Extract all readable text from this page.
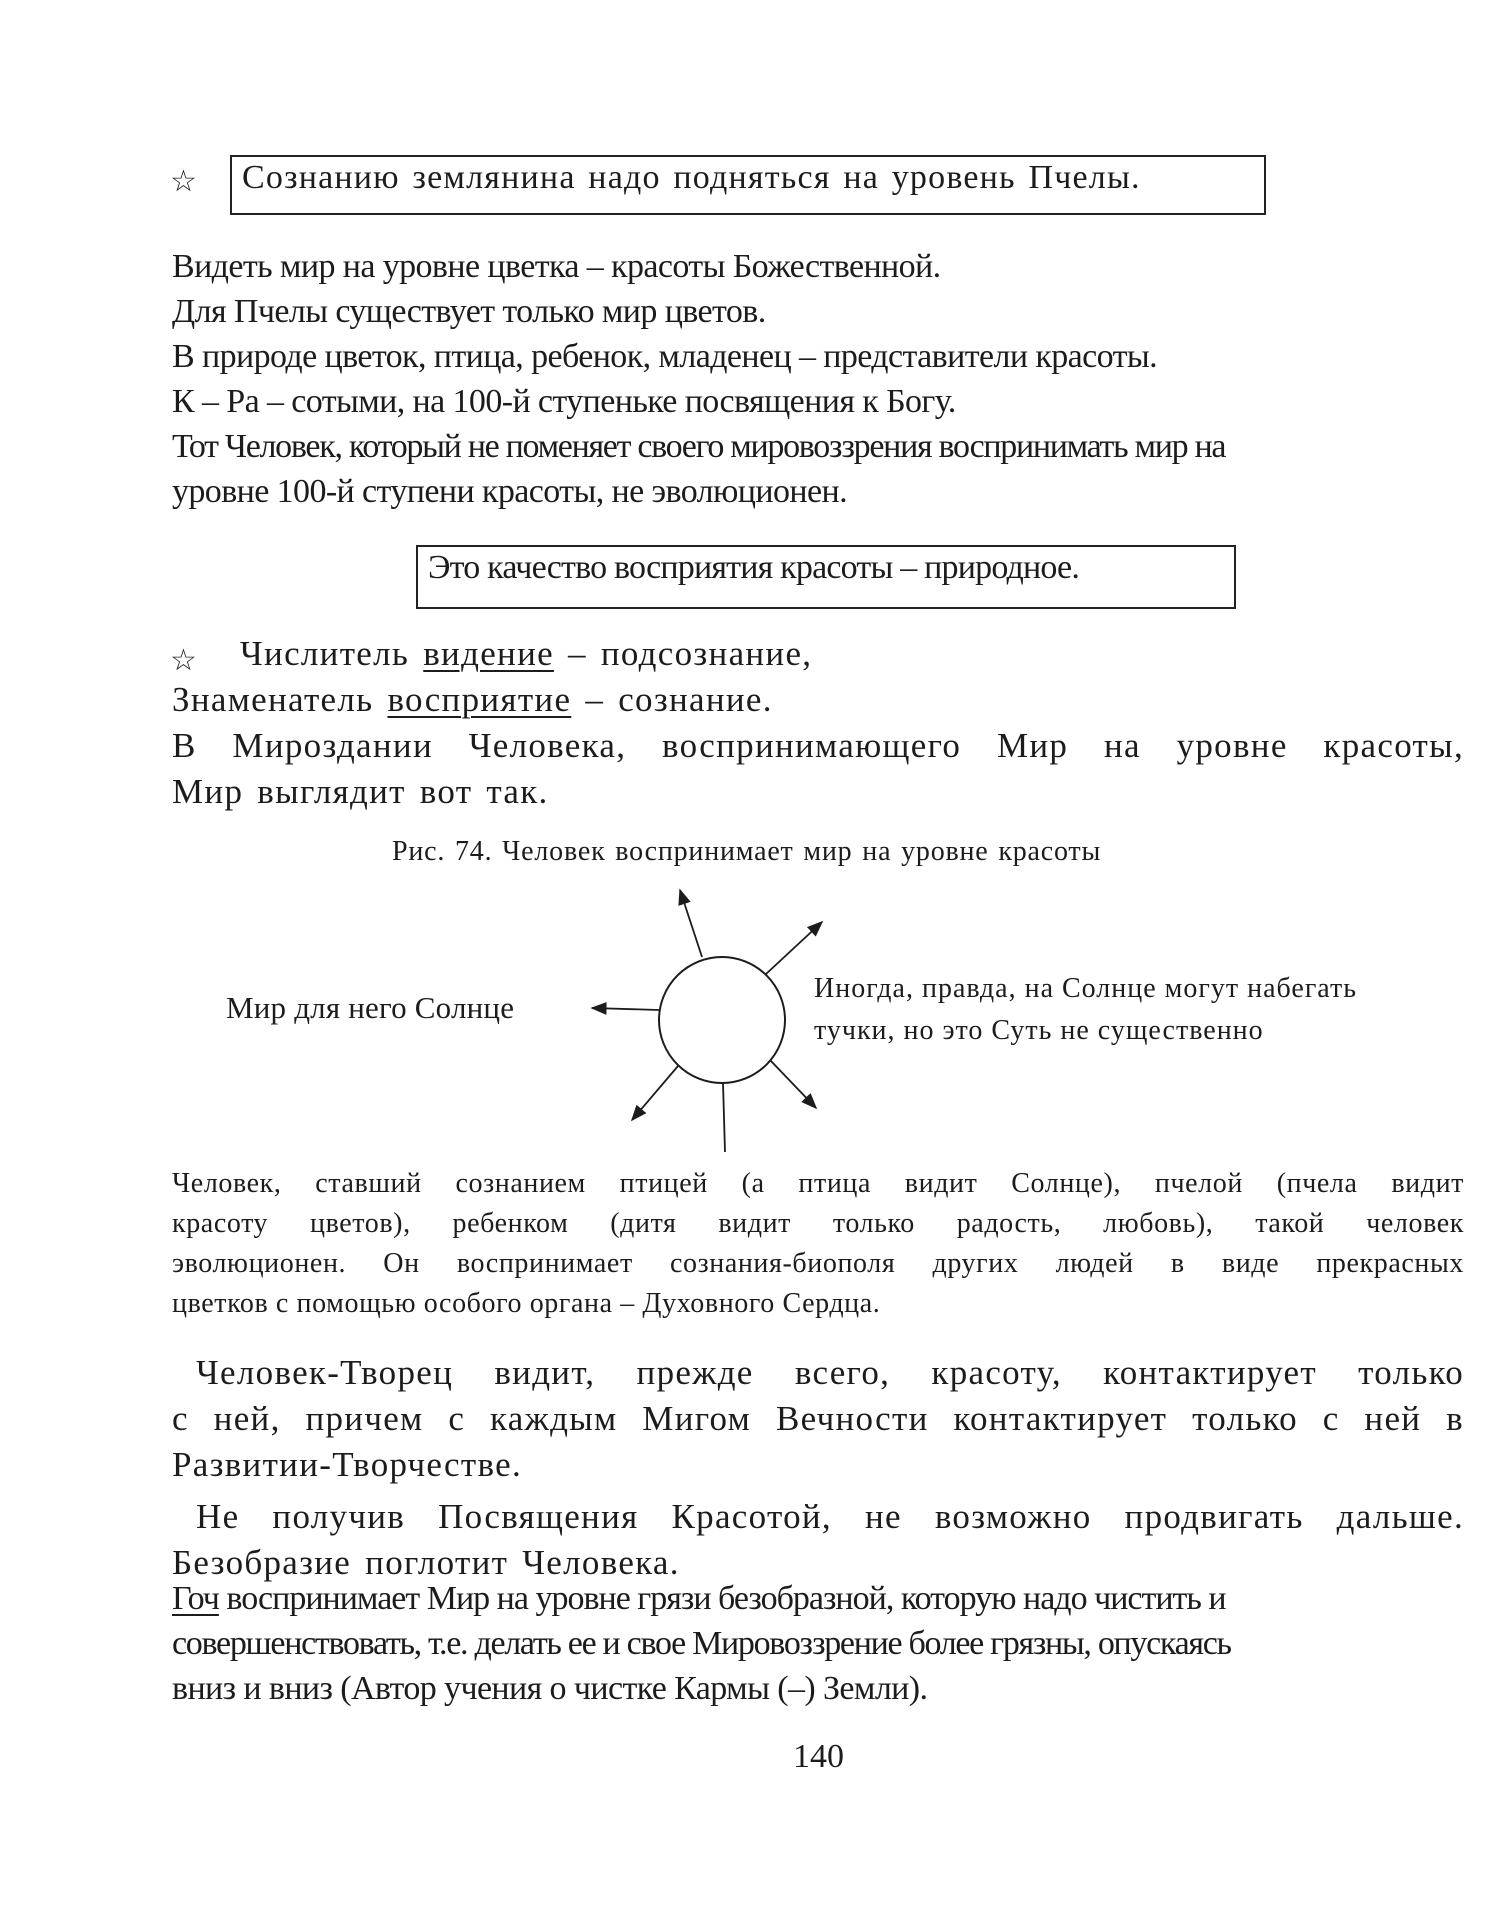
☆	Сознанию землянина надо подняться на уровень Пчелы.
Видеть мир на уровне цветка – красоты Божественной.
Для Пчелы существует только мир цветов.
В природе цветок, птица, ребенок, младенец – представители красоты.
К – Ра – сотыми, на 100-й ступеньке посвящения к Богу.
Тот Человек, который не поменяет своего мировоззрения воспринимать мир на
уровне 100-й ступени красоты, не эволюционен.
Это качество восприятия красоты – природное.
☆ Числитель видение – подсознание,
Знаменатель восприятие – сознание.
В Мироздании Человека, воспринимающего Мир на уровне красоты,
Мир выглядит вот так.
Рис. 74. Человек воспринимает мир на уровне красоты
Мир для него Солнце
Иногда, правда, на Солнце могут набегать
тучки, но это Суть не существенно
Человек, ставший сознанием птицей (а птица видит Солнце), пчелой (пчела видит
красоту цветов), ребенком (дитя видит только радость, любовь), такой человек
эволюционен. Он воспринимает сознания-биополя других людей в виде прекрасных
цветков с помощью особого органа – Духовного Сердца.
Человек-Творец видит, прежде всего, красоту, контактирует только
с ней, причем с каждым Мигом Вечности контактирует только с ней в
Развитии-Творчестве.
Не получив Посвящения Красотой, не возможно продвигать дальше.
Безобразие поглотит Человека.
Гоч воспринимает Мир на уровне грязи безобразной, которую надо чистить и
совершенствовать, т.е. делать ее и свое Мировоззрение более грязны, опускаясь
вниз и вниз (Автор учения о чистке Кармы (–) Земли).
140
